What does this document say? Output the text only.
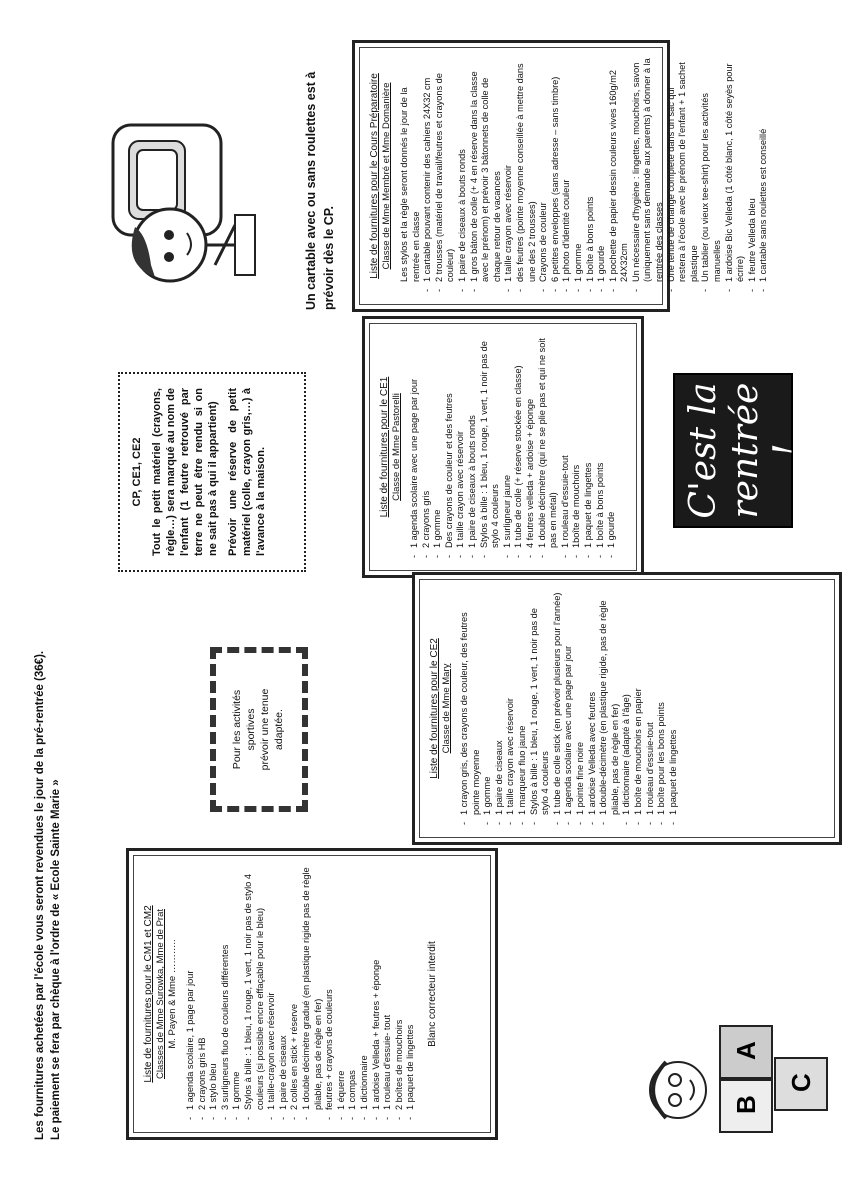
Liste de fournitures pour le Cours Préparatoire Classe de Mme Membré et Mme Domanière Les stylos et la règle seront donnés le jour de la rentrée en classe - 1 cartable pouvant contenir des cahiers 24X32 cm - 2 trousses (matériel de travail/feutres et crayons de couleur) - 1 paire de ciseaux à bouts ronds - 1 gros bâton de colle (+ 4 en réserve dans la classe avec le prénom) et prévoir 3 bâtonnets de colle de chaque retour de vacances - 1 taille crayon avec réservoir - des feutres (pointe moyenne conseillée à mettre dans une des 2 trousses) - Crayons de couleur - 6 petites enveloppes (sans adresse – sans timbre) - 1 photo d'identité couleur - 1 gomme - 1 boîte à bons points - 1 gourde - 1 pochette de papier dessin couleurs vives 160g/m2 24X32cm - Un nécessaire d'hygiène : lingettes, mouchoirs, savon (uniquement sans demande aux parents) à donner à la rentrée des classes - Une tenue de change complète dans un sac qui restera à l'école avec le prénom de l'enfant + 1 sachet plastique - Un tablier (ou vieux tee-shirt) pour les activités manuelles - 1 ardoise Bic Velleda (1 côté blanc, 1 côté seyès pour écrire) - 1 feutre Velleda bleu - 1 cartable sans roulettes est conseillé
Un cartable avec ou sans roulettes est à prévoir dès le CP.

Liste de fournitures pour le CE1 Classe de Mme Pastorelli - 1 agenda scolaire avec une page par jour - 2 crayons gris - 1 gomme - Des crayons de couleur et des feutres - 1 taille crayon avec réservoir - 1 paire de ciseaux à bouts ronds - Stylos à bille : 1 bleu, 1 rouge, 1 vert, 1 noir pas de stylo 4 couleurs - 1 surligneur jaune - 1 tube de colle (+ réserve stockée en classe) - 4 feutres velleda + ardoise + éponge - 1 double décimètre (qui ne se plie pas et qui ne soit pas en métal) - 1 rouleau d'essuie-tout - 1boîte de mouchoirs - 1 paquet de lingettes - 1 boîte à bons points - 1 gourde
C'est la rentrée !
CP, CE1, CE2 Tout le petit matériel (crayons, règle…) sera marqué au nom de l'enfant (1 feutre retrouvé par terre ne peut être rendu si on ne sait pas à qui il appartient) Prévoir une réserve de petit matériel (colle, crayon gris,…) à l'avance à la maison.

Liste de fournitures pour le CE2 Classe de Mme Mary - 1 crayon gris, des crayons de couleur, des feutres pointe moyenne - 1 gomme - 1 paire de ciseaux - 1 taille crayon avec réservoir - 1 marqueur fluo jaune - Stylos à bille : 1 bleu, 1 rouge, 1 vert, 1 noir pas de stylo 4 couleurs - 1 tube de colle stick (en prévoir plusieurs pour l'année) - 1 agenda scolaire avec une page par jour - 1 pointe fine noire - 1 ardoise Velleda avec feutres - 1 double-décimètre (en plastique rigide, pas de règle pliable, pas de règle en fer) - 1 dictionnaire (adapté à l'âge) - 1 boîte de mouchoirs en papier - 1 rouleau d'essuie-tout - 1 boîte pour les bons points - 1 paquet de lingettes
Pour les activités sportives prévoir une tenue adaptée.

Liste de fournitures pour le CM1 et CM2 Classes de Mme Surowka, Mme de Prat M. Payen & Mme ……….. - 1 agenda scolaire, 1 page par jour - 2 crayons gris HB - 1 stylo bleu - 3 surligneurs fluo de couleurs différentes - 1 gomme - Stylos à bille : 1 bleu, 1 rouge, 1 vert, 1 noir pas de stylo 4 couleurs (si possible encre effaçable pour le bleu) - 1 taille-crayon avec réservoir - 1 paire de ciseaux - 2 colles en stick + réserve - 1 double décimètre gradué (en plastique rigide pas de règle pliable, pas de règle en fer) - feutres + crayons de couleurs - 1 équerre - 1 compas - 1 dictionnaire - 1 ardoise Velleda + feutres + éponge - 1 rouleau d'essuie- tout - 2 boîtes de mouchoirs - 1 paquet de lingettes

Blanc correcteur interdit

B
A
C
Les fournitures achetées par l'école vous seront revendues le jour de la pré-rentrée (36€). Le paiement se fera par chèque à l'ordre de « Ecole Sainte Marie »
